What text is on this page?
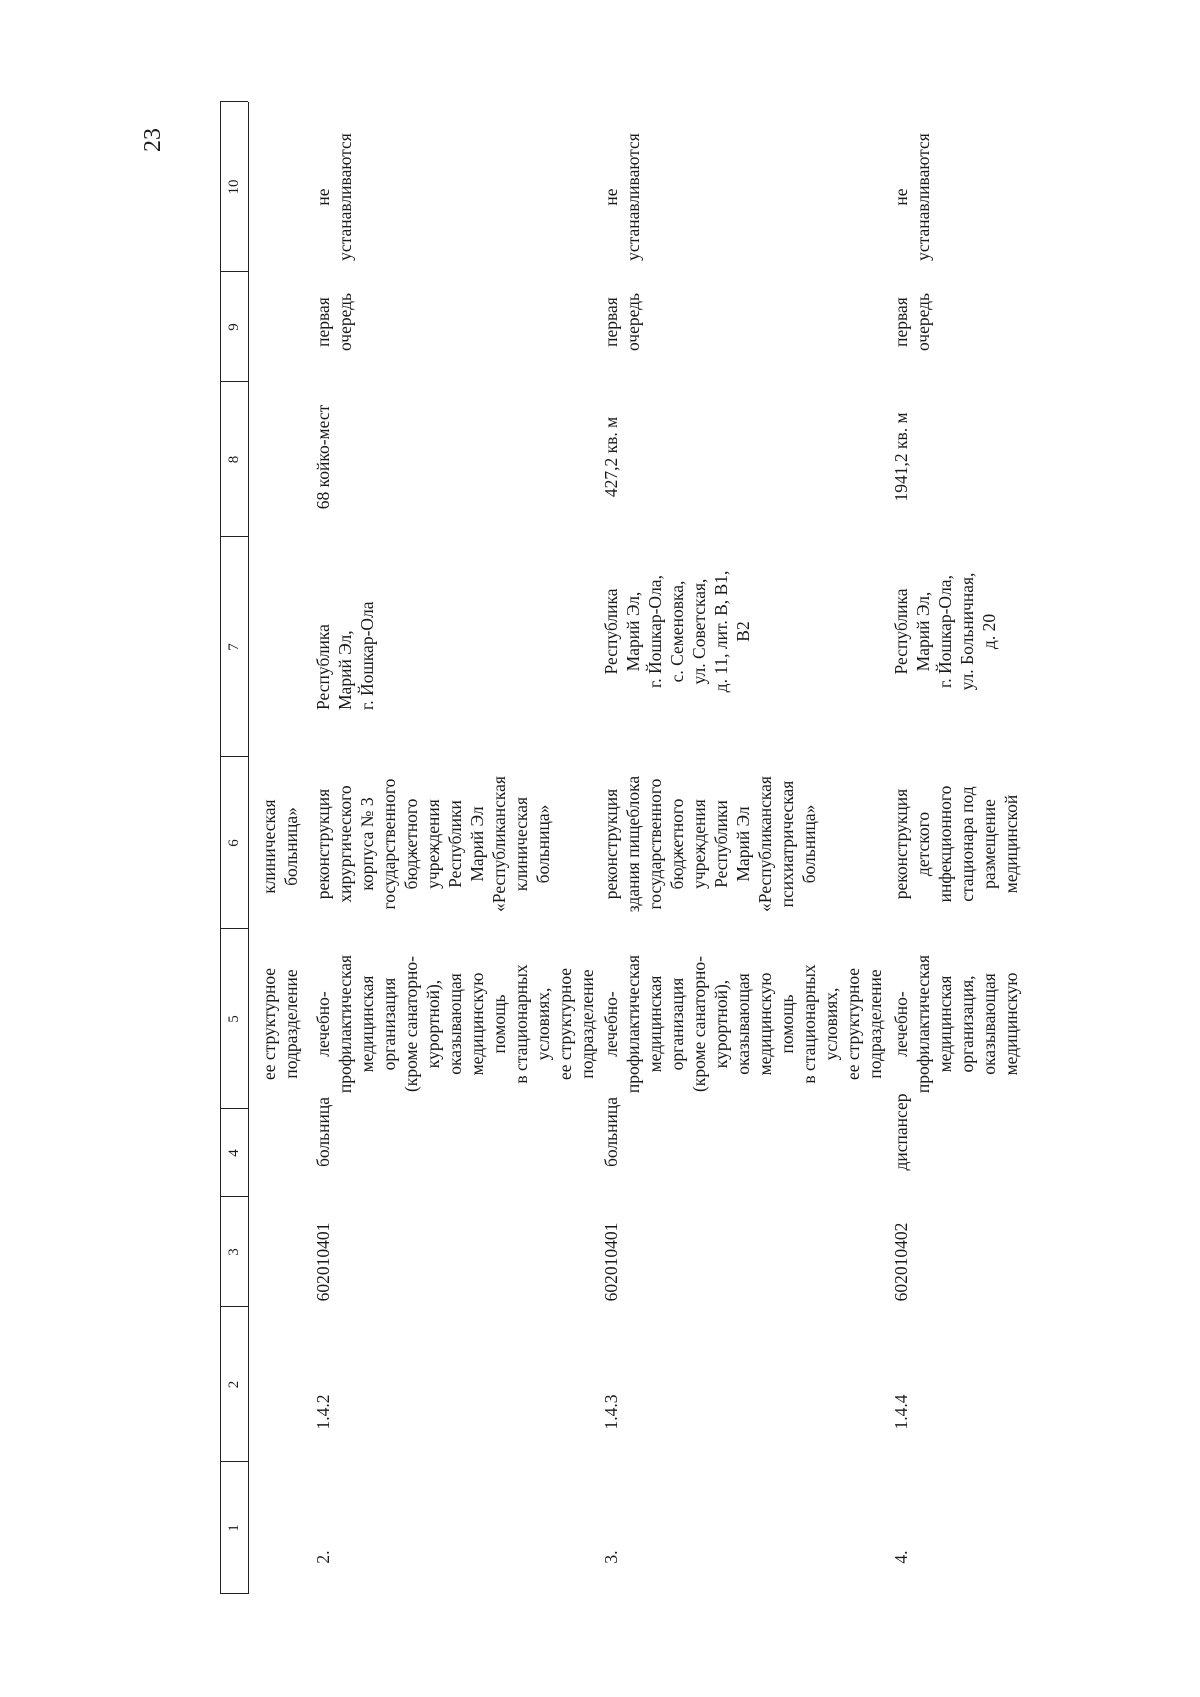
23
1
2
3
4
5
6
7
8
9
10
ее структурное
подразделение
клиническая
больница»
2.
1.4.2
602010401
больница
лечебно-
профилактическая
медицинская
организация
(кроме санаторно-
курортной),
оказывающая
медицинскую
помощь
в стационарных
условиях,
ее структурное
подразделение
реконструкция
хирургического
корпуса № 3
государственного
бюджетного
учреждения
Республики
Марий Эл
«Республиканская
клиническая
больница»
Республика
Марий Эл,
г. Йошкар-Ола
68 койко-мест
первая
очередь
не
устанавливаются
3.
1.4.3
602010401
больница
лечебно-
профилактическая
медицинская
организация
(кроме санаторно-
курортной),
оказывающая
медицинскую
помощь
в стационарных
условиях,
ее структурное
подразделение
реконструкция
здания пищеблока
государственного
бюджетного
учреждения
Республики
Марий Эл
«Республиканская
психиатрическая
больница»
Республика
Марий Эл,
г. Йошкар-Ола,
с. Семеновка,
ул. Советская,
д. 11, лит. В, В1,
В2
427,2 кв. м
первая
очередь
не
устанавливаются
4.
1.4.4
602010402
диспансер
лечебно-
профилактическая
медицинская
организация,
оказывающая
медицинскую
реконструкция
детского
инфекционного
стационара под
размещение
медицинской
Республика
Марий Эл,
г. Йошкар-Ола,
ул. Больничная,
д. 20
1941,2 кв. м
первая
очередь
не
устанавливаются
